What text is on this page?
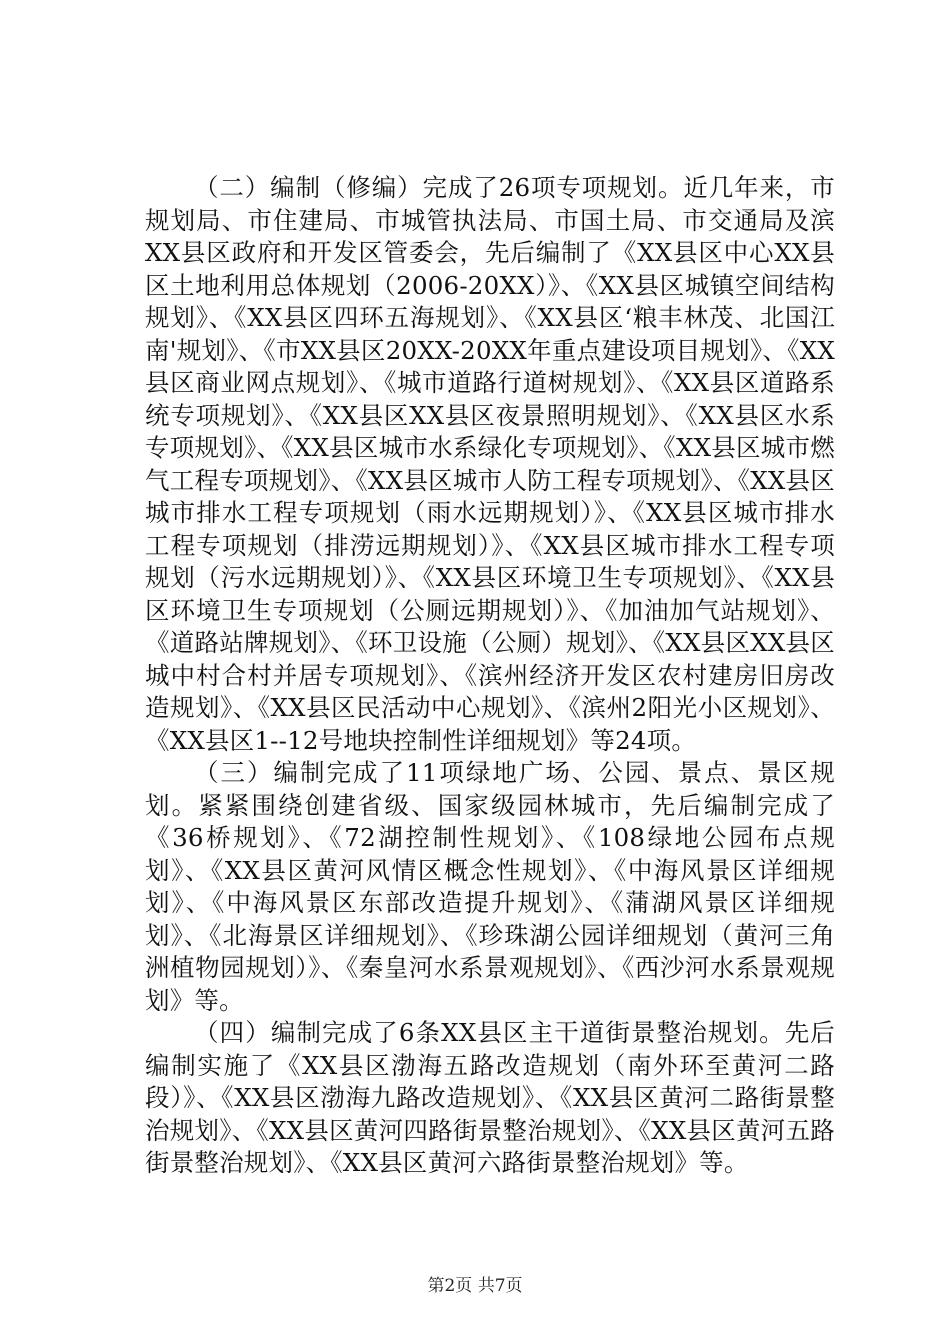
（二）编制（修编）完成了26项专项规划。近几年来，市规划局、市住建局、市城管执法局、市国土局、市交通局及滨XX县区政府和开发区管委会，先后编制了《XX县区中心XX县区土地利用总体规划（2006-20XX）》、《XX县区城镇空间结构规划》、《XX县区四环五海规划》、《XX县区‘粮丰林茂、北国江南'规划》、《市XX县区20XX-20XX年重点建设项目规划》、《XX县区商业网点规划》、《城市道路行道树规划》、《XX县区道路系统专项规划》、《XX县区XX县区夜景照明规划》、《XX县区水系专项规划》、《XX县区城市水系绿化专项规划》、《XX县区城市燃气工程专项规划》、《XX县区城市人防工程专项规划》、《XX县区城市排水工程专项规划（雨水远期规划）》、《XX县区城市排水工程专项规划（排涝远期规划）》、《XX县区城市排水工程专项规划（污水远期规划）》、《XX县区环境卫生专项规划》、《XX县区环境卫生专项规划（公厕远期规划）》、《加油加气站规划》、《道路站牌规划》、《环卫设施（公厕）规划》、《XX县区XX县区城中村合村并居专项规划》、《滨州经济开发区农村建房旧房改造规划》、《XX县区民活动中心规划》、《滨州2阳光小区规划》、《XX县区1--12号地块控制性详细规划》等24项。

（三）编制完成了11项绿地广场、公园、景点、景区规划。紧紧围绕创建省级、国家级园林城市，先后编制完成了《36桥规划》、《72湖控制性规划》、《108绿地公园布点规划》、《XX县区黄河风情区概念性规划》、《中海风景区详细规划》、《中海风景区东部改造提升规划》、《蒲湖风景区详细规划》、《北海景区详细规划》、《珍珠湖公园详细规划（黄河三角洲植物园规划）》、《秦皇河水系景观规划》、《西沙河水系景观规划》等。

（四）编制完成了6条XX县区主干道街景整治规划。先后编制实施了《XX县区渤海五路改造规划（南外环至黄河二路段）》、《XX县区渤海九路改造规划》、《XX县区黄河二路街景整治规划》、《XX县区黄河四路街景整治规划》、《XX县区黄河五路街景整治规划》、《XX县区黄河六路街景整治规划》等。

第2页 共7页
